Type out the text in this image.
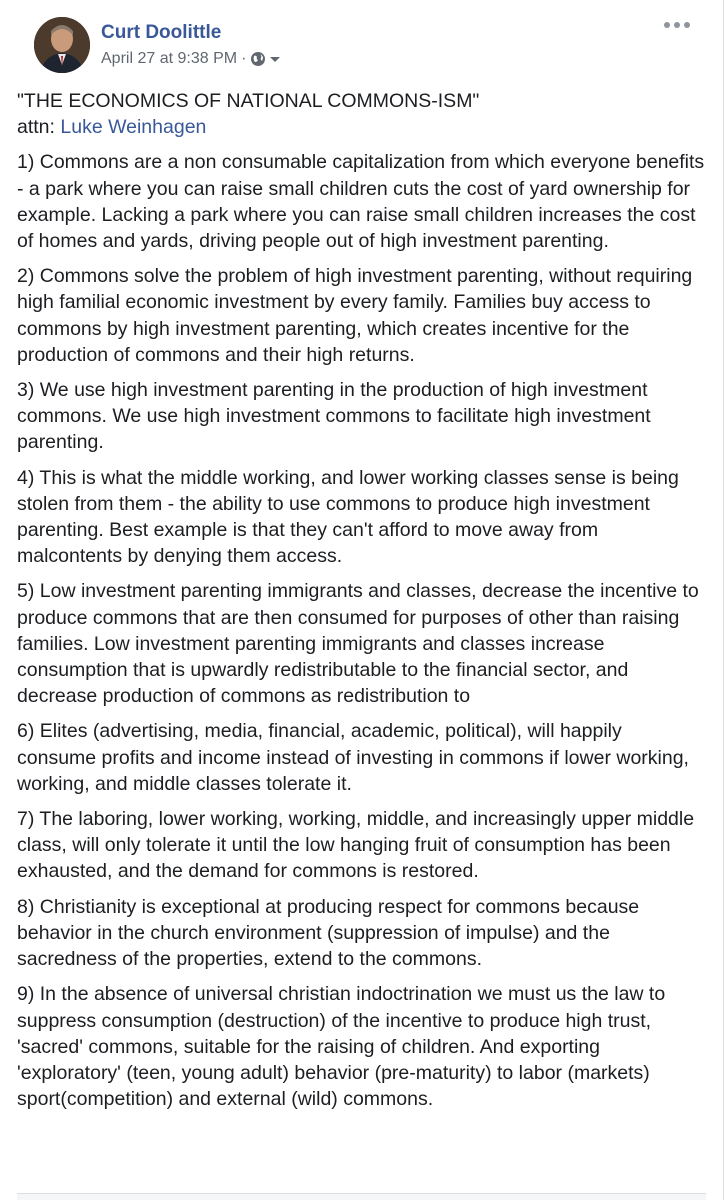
Curt Doolittle
April 27 at 9:38 PM ·
"THE ECONOMICS OF NATIONAL COMMONS-ISM"
attn: Luke Weinhagen

1) Commons are a non consumable capitalization from which everyone benefits - a park where you can raise small children cuts the cost of yard ownership for example. Lacking a park where you can raise small children increases the cost of homes and yards, driving people out of high investment parenting.

2) Commons solve the problem of high investment parenting, without requiring high familial economic investment by every family. Families buy access to commons by high investment parenting, which creates incentive for the production of commons and their high returns.

3) We use high investment parenting in the production of high investment commons. We use high investment commons to facilitate high investment parenting.

4) This is what the middle working, and lower working classes sense is being stolen from them - the ability to use commons to produce high investment parenting. Best example is that they can't afford to move away from malcontents by denying them access.

5) Low investment parenting immigrants and classes, decrease the incentive to produce commons that are then consumed for purposes of other than raising families. Low investment parenting immigrants and classes increase consumption that is upwardly redistributable to the financial sector, and decrease production of commons as redistribution to

6) Elites (advertising, media, financial, academic, political), will happily consume profits and income instead of investing in commons if lower working, working, and middle classes tolerate it.

7) The laboring, lower working, working, middle, and increasingly upper middle class, will only tolerate it until the low hanging fruit of consumption has been exhausted, and the demand for commons is restored.

8) Christianity is exceptional at producing respect for commons because behavior in the church environment (suppression of impulse) and the sacredness of the properties, extend to the commons.

9) In the absence of universal christian indoctrination we must us the law to suppress consumption (destruction) of the incentive to produce high trust, 'sacred' commons, suitable for the raising of children. And exporting 'exploratory' (teen, young adult) behavior (pre-maturity) to labor (markets) sport(competition) and external (wild) commons.
